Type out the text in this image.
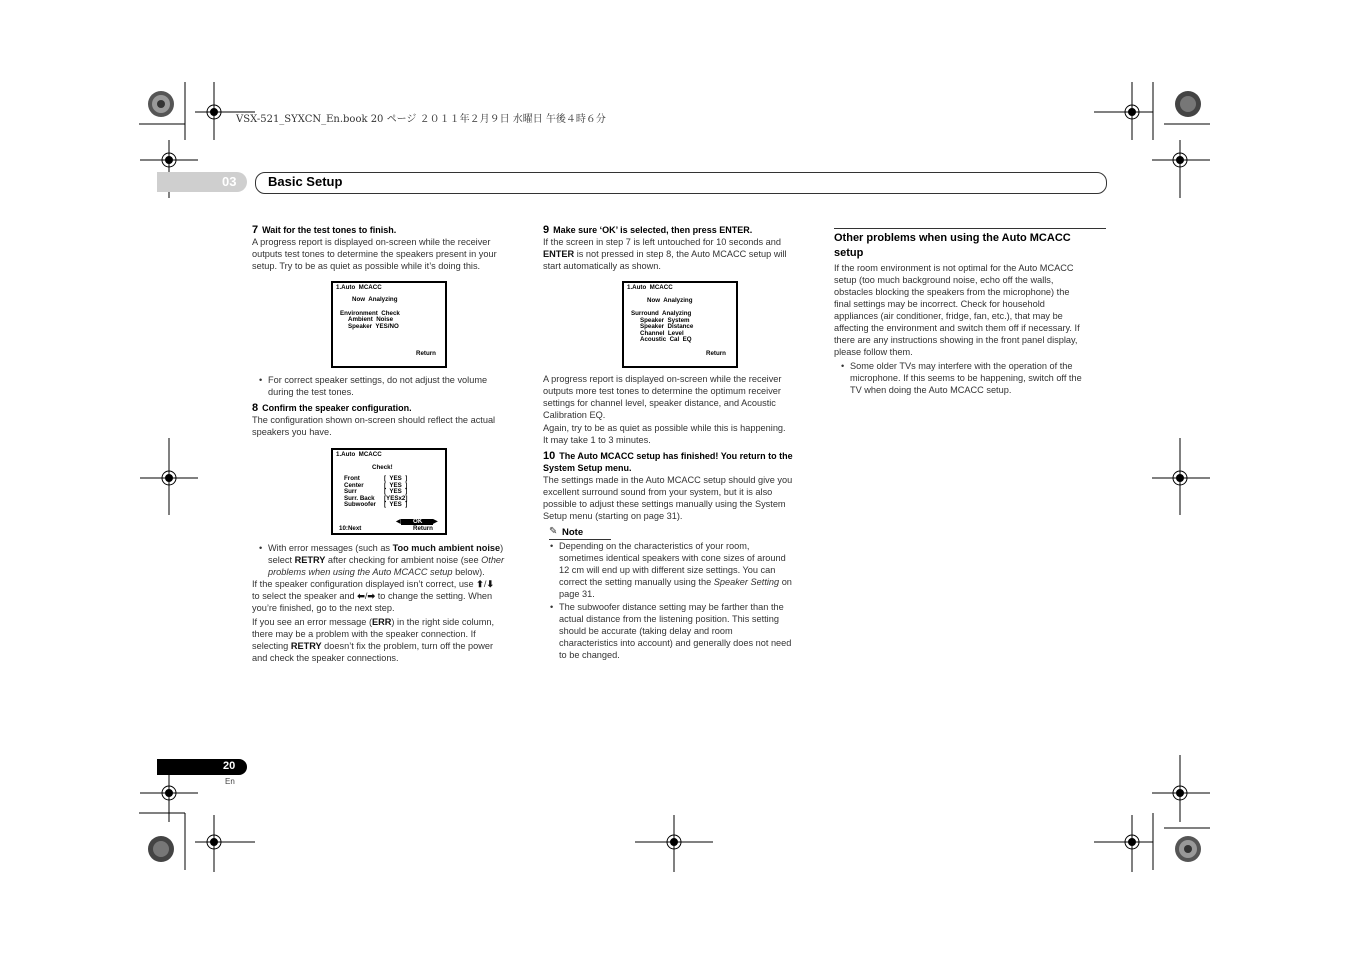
VSX-521_SYXCN_En.book 20 ページ ２０１１年２月９日 水曜日 午後４時６分
03 Basic Setup
20
En

7 Wait for the test tones to finish.

A progress report is displayed on-screen while the receiver
outputs test tones to determine the speakers present in your
setup. Try to be as quiet as possible while it’s doing this.

1.Auto  MCACC
Now  Analyzing
Environment  Check
Ambient  Noise
Speaker  YES/NO
Return

• For correct speaker settings, do not adjust the volume
during the test tones.

8 Confirm the speaker configuration.

The configuration shown on-screen should reflect the actual
speakers you have.

1.Auto  MCACC
Check!
Front	[  YES  ]
Center	[  YES  ]
Surr	[  YES  ]
Surr. Back [YESx2]
Subwoofer [  YES  ]
◀ OK ▶
10:Next	Return

• With error messages (such as Too much ambient noise)
select RETRY after checking for ambient noise (see Other
problems when using the Auto MCACC setup below).

If the speaker configuration displayed isn’t correct, use ⬆/⬇
to select the speaker and ⬅/➡ to change the setting. When
you’re finished, go to the next step.

If you see an error message (ERR) in the right side column,
there may be a problem with the speaker connection. If
selecting RETRY doesn’t fix the problem, turn off the power
and check the speaker connections.

9 Make sure ‘OK’ is selected, then press ENTER.

If the screen in step 7 is left untouched for 10 seconds and
ENTER is not pressed in step 8, the Auto MCACC setup will
start automatically as shown.

1.Auto  MCACC
Now  Analyzing
Surround  Analyzing
Speaker  System
Speaker  Distance
Channel  Level
Acoustic  Cal  EQ
Return

A progress report is displayed on-screen while the receiver
outputs more test tones to determine the optimum receiver
settings for channel level, speaker distance, and Acoustic
Calibration EQ.

Again, try to be as quiet as possible while this is happening.
It may take 1 to 3 minutes.

10 The Auto MCACC setup has finished! You return to the
System Setup menu.

The settings made in the Auto MCACC setup should give you
excellent surround sound from your system, but it is also
possible to adjust these settings manually using the System
Setup menu (starting on page 31).

✎ Note

• Depending on the characteristics of your room,
sometimes identical speakers with cone sizes of around
12 cm will end up with different size settings. You can
correct the setting manually using the Speaker Setting on
page 31.

• The subwoofer distance setting may be farther than the
actual distance from the listening position. This setting
should be accurate (taking delay and room
characteristics into account) and generally does not need
to be changed.

Other problems when using the Auto MCACC
setup

If the room environment is not optimal for the Auto MCACC
setup (too much background noise, echo off the walls,
obstacles blocking the speakers from the microphone) the
final settings may be incorrect. Check for household
appliances (air conditioner, fridge, fan, etc.), that may be
affecting the environment and switch them off if necessary. If
there are any instructions showing in the front panel display,
please follow them.

• Some older TVs may interfere with the operation of the
microphone. If this seems to be happening, switch off the
TV when doing the Auto MCACC setup.
